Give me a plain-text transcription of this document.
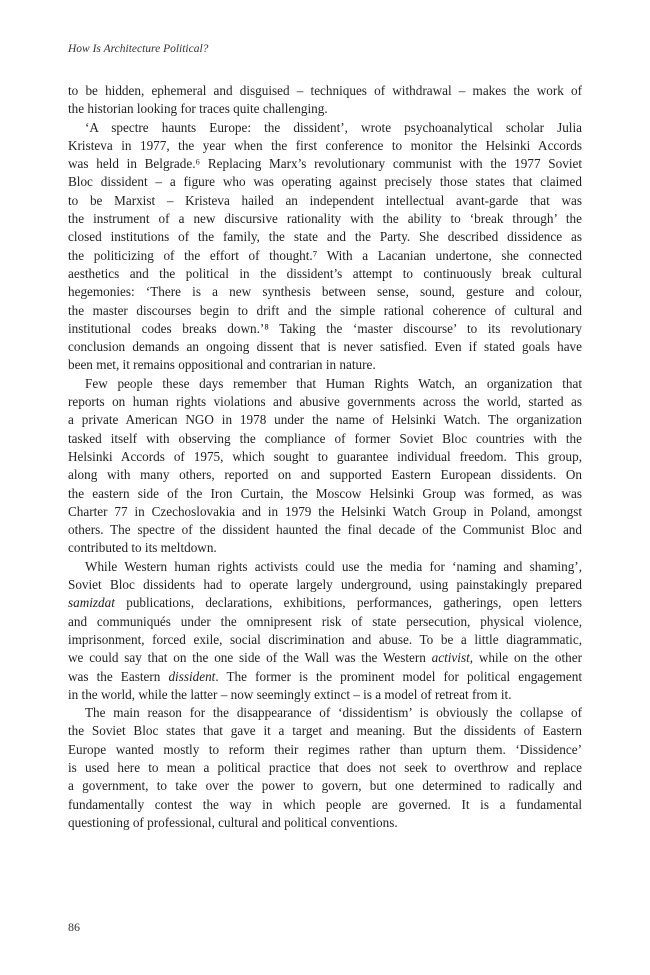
How Is Architecture Political?
to be hidden, ephemeral and disguised – techniques of withdrawal – makes the work of
the historian looking for traces quite challenging.
‘A spectre haunts Europe: the dissident’, wrote psychoanalytical scholar Julia
Kristeva in 1977, the year when the first conference to monitor the Helsinki Accords
was held in Belgrade.⁶ Replacing Marx’s revolutionary communist with the 1977 Soviet
Bloc dissident – a figure who was operating against precisely those states that claimed
to be Marxist – Kristeva hailed an independent intellectual avant-garde that was
the instrument of a new discursive rationality with the ability to ‘break through’ the
closed institutions of the family, the state and the Party. She described dissidence as
the politicizing of the effort of thought.⁷ With a Lacanian undertone, she connected
aesthetics and the political in the dissident’s attempt to continuously break cultural
hegemonies: ‘There is a new synthesis between sense, sound, gesture and colour,
the master discourses begin to drift and the simple rational coherence of cultural and
institutional codes breaks down.’⁸ Taking the ‘master discourse’ to its revolutionary
conclusion demands an ongoing dissent that is never satisfied. Even if stated goals have
been met, it remains oppositional and contrarian in nature.
Few people these days remember that Human Rights Watch, an organization that
reports on human rights violations and abusive governments across the world, started as
a private American NGO in 1978 under the name of Helsinki Watch. The organization
tasked itself with observing the compliance of former Soviet Bloc countries with the
Helsinki Accords of 1975, which sought to guarantee individual freedom. This group,
along with many others, reported on and supported Eastern European dissidents. On
the eastern side of the Iron Curtain, the Moscow Helsinki Group was formed, as was
Charter 77 in Czechoslovakia and in 1979 the Helsinki Watch Group in Poland, amongst
others. The spectre of the dissident haunted the final decade of the Communist Bloc and
contributed to its meltdown.
While Western human rights activists could use the media for ‘naming and shaming’,
Soviet Bloc dissidents had to operate largely underground, using painstakingly prepared
samizdat publications, declarations, exhibitions, performances, gatherings, open letters
and communiqués under the omnipresent risk of state persecution, physical violence,
imprisonment, forced exile, social discrimination and abuse. To be a little diagrammatic,
we could say that on the one side of the Wall was the Western activist, while on the other
was the Eastern dissident. The former is the prominent model for political engagement
in the world, while the latter – now seemingly extinct – is a model of retreat from it.
The main reason for the disappearance of ‘dissidentism’ is obviously the collapse of
the Soviet Bloc states that gave it a target and meaning. But the dissidents of Eastern
Europe wanted mostly to reform their regimes rather than upturn them. ‘Dissidence’
is used here to mean a political practice that does not seek to overthrow and replace
a government, to take over the power to govern, but one determined to radically and
fundamentally contest the way in which people are governed. It is a fundamental
questioning of professional, cultural and political conventions.
86
